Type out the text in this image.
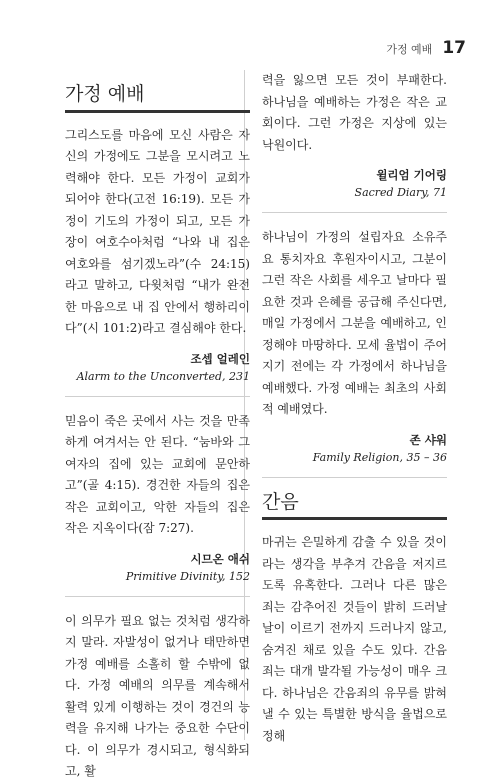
가정 예배 17
가정 예배

그리스도를 마음에 모신 사람은 자신의 가정에도 그분을 모시려고 노력해야 한다. 모든 가정이 교회가 되어야 한다(고전 16:19). 모든 가정이 기도의 가정이 되고, 모든 가장이 여호수아처럼 “나와 내 집은 여호와를 섬기겠노라”(수 24:15)라고 말하고, 다윗처럼 “내가 완전한 마음으로 내 집 안에서 행하리이다”(시 101:2)라고 결심해야 한다.

조셉 얼레인
Alarm to the Unconverted, 231

믿음이 죽은 곳에서 사는 것을 만족하게 여겨서는 안 된다. “눔바와 그 여자의 집에 있는 교회에 문안하고”(골 4:15). 경건한 자들의 집은 작은 교회이고, 악한 자들의 집은 작은 지옥이다(잠 7:27).

시므온 애쉬
Primitive Divinity, 152

이 의무가 필요 없는 것처럼 생각하지 말라. 자발성이 없거나 태만하면 가정 예배를 소홀히 할 수밖에 없다. 가정 예배의 의무를 계속해서 활력 있게 이행하는 것이 경건의 능력을 유지해 나가는 중요한 수단이다. 이 의무가 경시되고, 형식화되고, 활

력을 잃으면 모든 것이 부패한다. 하나님을 예배하는 가정은 작은 교회이다. 그런 가정은 지상에 있는 낙원이다.

윌리엄 기어링
Sacred Diary, 71

하나님이 가정의 설립자요 소유주요 통치자요 후원자이시고, 그분이 그런 작은 사회를 세우고 날마다 필요한 것과 은혜를 공급해 주신다면, 매일 가정에서 그분을 예배하고, 인정해야 마땅하다. 모세 율법이 주어지기 전에는 각 가정에서 하나님을 예배했다. 가정 예배는 최초의 사회적 예배였다.

존 샤워
Family Religion, 35 – 36
간음

마귀는 은밀하게 감출 수 있을 것이라는 생각을 부추겨 간음을 저지르도록 유혹한다. 그러나 다른 많은 죄는 감추어진 것들이 밝히 드러날 날이 이르기 전까지 드러나지 않고, 숨겨진 채로 있을 수도 있다. 간음죄는 대개 발각될 가능성이 매우 크다. 하나님은 간음죄의 유무를 밝혀낼 수 있는 특별한 방식을 율법으로 정해
